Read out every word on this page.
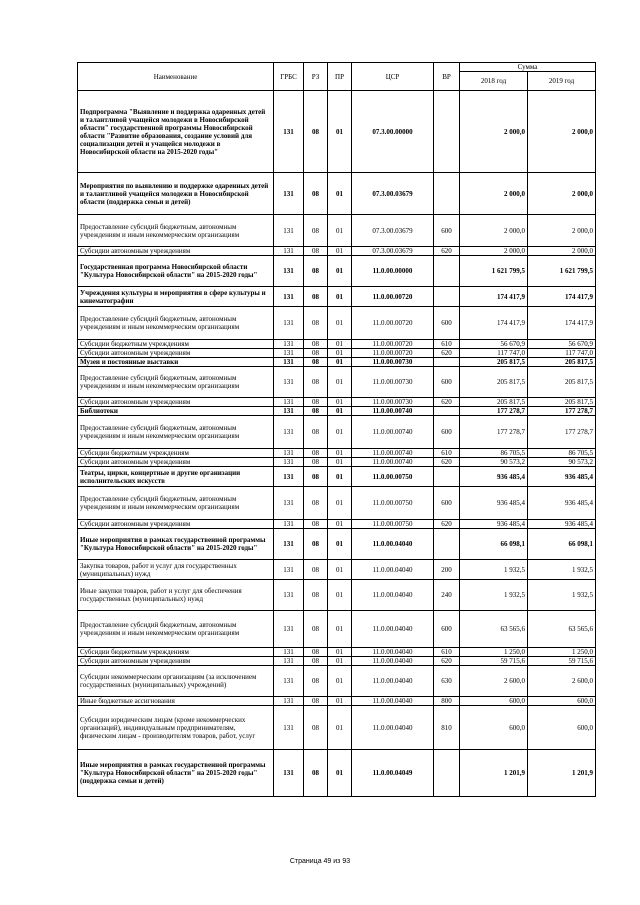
Наименование	ГРБС	РЗ	ПР	ЦСР	ВР	Сумма	
						2018 год	2019 год
Подпрограмма "Выявление и поддержка одаренных детей и талантливой учащейся молодежи в Новосибирской области" государственной программы Новосибирской области "Развитие образования, создание условий для социализации детей и учащейся молодежи в Новосибирской области на 2015-2020 годы"	131	08	01	07.3.00.00000		2 000,0	2 000,0
Мероприятия по выявлению и поддержке одаренных детей и талантливой учащейся молодежи в Новосибирской области (поддержка семьи и детей)	131	08	01	07.3.00.03679		2 000,0	2 000,0
Предоставление субсидий бюджетным, автономным учреждениям и иным некоммерческим организациям	131	08	01	07.3.00.03679	600	2 000,0	2 000,0
Субсидии автономным учреждениям	131	08	01	07.3.00.03679	620	2 000,0	2 000,0
Государственная программа Новосибирской области "Культура Новосибирской области" на 2015-2020 годы"	131	08	01	11.0.00.00000		1 621 799,5	1 621 799,5
Учреждения культуры и мероприятия в сфере культуры и кинематографии	131	08	01	11.0.00.00720		174 417,9	174 417,9
Предоставление субсидий бюджетным, автономным учреждениям и иным некоммерческим организациям	131	08	01	11.0.00.00720	600	174 417,9	174 417,9
Субсидии бюджетным учреждениям	131	08	01	11.0.00.00720	610	56 670,9	56 670,9
Субсидии автономным учреждениям	131	08	01	11.0.00.00720	620	117 747,0	117 747,0
Музеи и постоянные выставки	131	08	01	11.0.00.00730		205 817,5	205 817,5
Предоставление субсидий бюджетным, автономным учреждениям и иным некоммерческим организациям	131	08	01	11.0.00.00730	600	205 817,5	205 817,5
Субсидии автономным учреждениям	131	08	01	11.0.00.00730	620	205 817,5	205 817,5
Библиотеки	131	08	01	11.0.00.00740		177 278,7	177 278,7
Предоставление субсидий бюджетным, автономным учреждениям и иным некоммерческим организациям	131	08	01	11.0.00.00740	600	177 278,7	177 278,7
Субсидии бюджетным учреждениям	131	08	01	11.0.00.00740	610	86 705,5	86 705,5
Субсидии автономным учреждениям	131	08	01	11.0.00.00740	620	90 573,2	90 573,2
Театры, цирки, концертные и другие организации исполнительских искусств	131	08	01	11.0.00.00750		936 485,4	936 485,4
Предоставление субсидий бюджетным, автономным учреждениям и иным некоммерческим организациям	131	08	01	11.0.00.00750	600	936 485,4	936 485,4
Субсидии автономным учреждениям	131	08	01	11.0.00.00750	620	936 485,4	936 485,4
Иные мероприятия в рамках государственной программы "Культура Новосибирской области" на 2015-2020 годы"	131	08	01	11.0.00.04040		66 098,1	66 098,1
Закупка товаров, работ и услуг для государственных (муниципальных) нужд	131	08	01	11.0.00.04040	200	1 932,5	1 932,5
Иные закупки товаров, работ и услуг для обеспечения государственных (муниципальных) нужд	131	08	01	11.0.00.04040	240	1 932,5	1 932,5
Предоставление субсидий бюджетным, автономным учреждениям и иным некоммерческим организациям	131	08	01	11.0.00.04040	600	63 565,6	63 565,6
Субсидии бюджетным учреждениям	131	08	01	11.0.00.04040	610	1 250,0	1 250,0
Субсидии автономным учреждениям	131	08	01	11.0.00.04040	620	59 715,6	59 715,6
Субсидии некоммерческим организациям (за исключением государственных (муниципальных) учреждений)	131	08	01	11.0.00.04040	630	2 600,0	2 600,0
Иные бюджетные ассигнования	131	08	01	11.0.00.04040	800	600,0	600,0
Субсидии юридическим лицам (кроме некоммерческих организаций), индивидуальным предпринимателям, физическим лицам - производителям товаров, работ, услуг	131	08	01	11.0.00.04040	810	600,0	600,0
Иные мероприятия в рамках государственной программы "Культура Новосибирской области" на 2015-2020 годы"(поддержка семьи и детей)	131	08	01	11.0.00.04049		1 201,9	1 201,9
Страница 49 из 93
